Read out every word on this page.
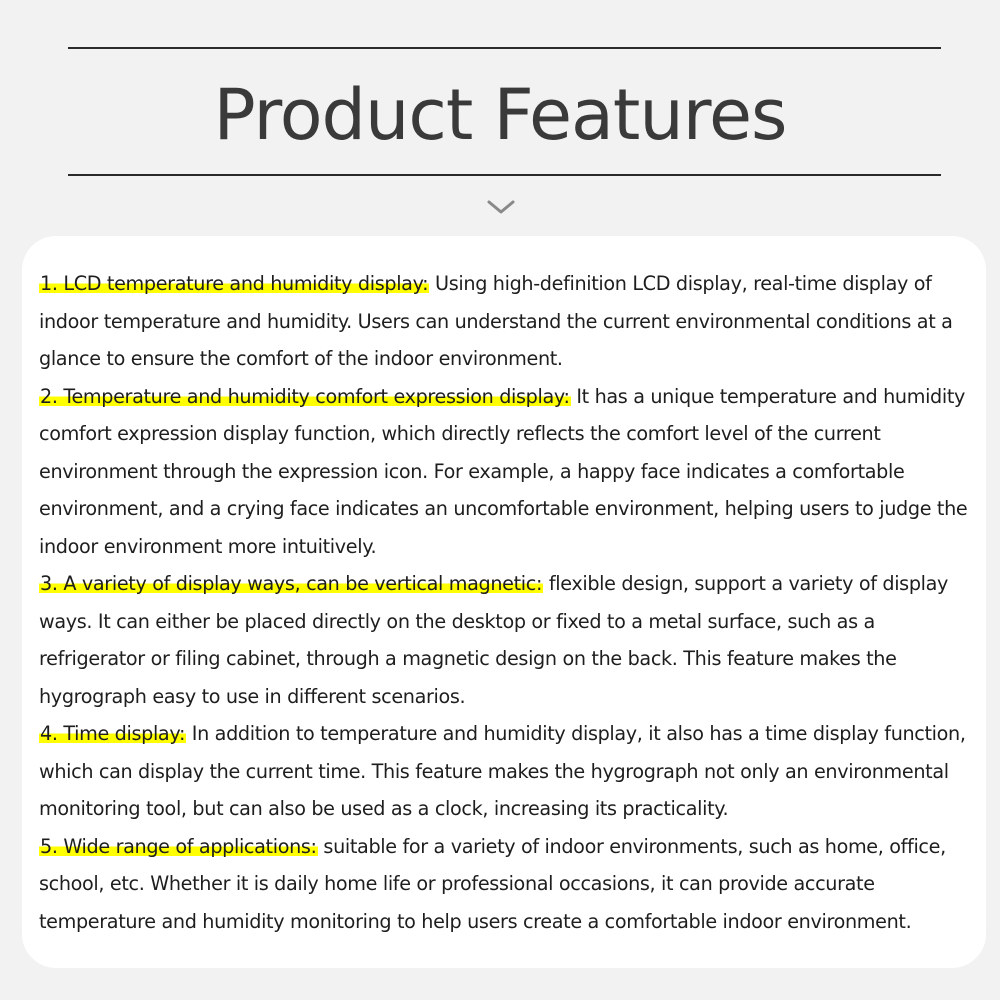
Product Features
1. LCD temperature and humidity display: Using high-definition LCD display, real-time display of indoor temperature and humidity. Users can understand the current environmental conditions at a glance to ensure the comfort of the indoor environment.
2. Temperature and humidity comfort expression display: It has a unique temperature and humidity comfort expression display function, which directly reflects the comfort level of the current environment through the expression icon. For example, a happy face indicates a comfortable environment, and a crying face indicates an uncomfortable environment, helping users to judge the indoor environment more intuitively.
3. A variety of display ways, can be vertical magnetic: flexible design, support a variety of display ways. It can either be placed directly on the desktop or fixed to a metal surface, such as a refrigerator or filing cabinet, through a magnetic design on the back. This feature makes the hygrograph easy to use in different scenarios.
4. Time display: In addition to temperature and humidity display, it also has a time display function, which can display the current time. This feature makes the hygrograph not only an environmental monitoring tool, but can also be used as a clock, increasing its practicality.
5. Wide range of applications: suitable for a variety of indoor environments, such as home, office, school, etc. Whether it is daily home life or professional occasions, it can provide accurate temperature and humidity monitoring to help users create a comfortable indoor environment.
